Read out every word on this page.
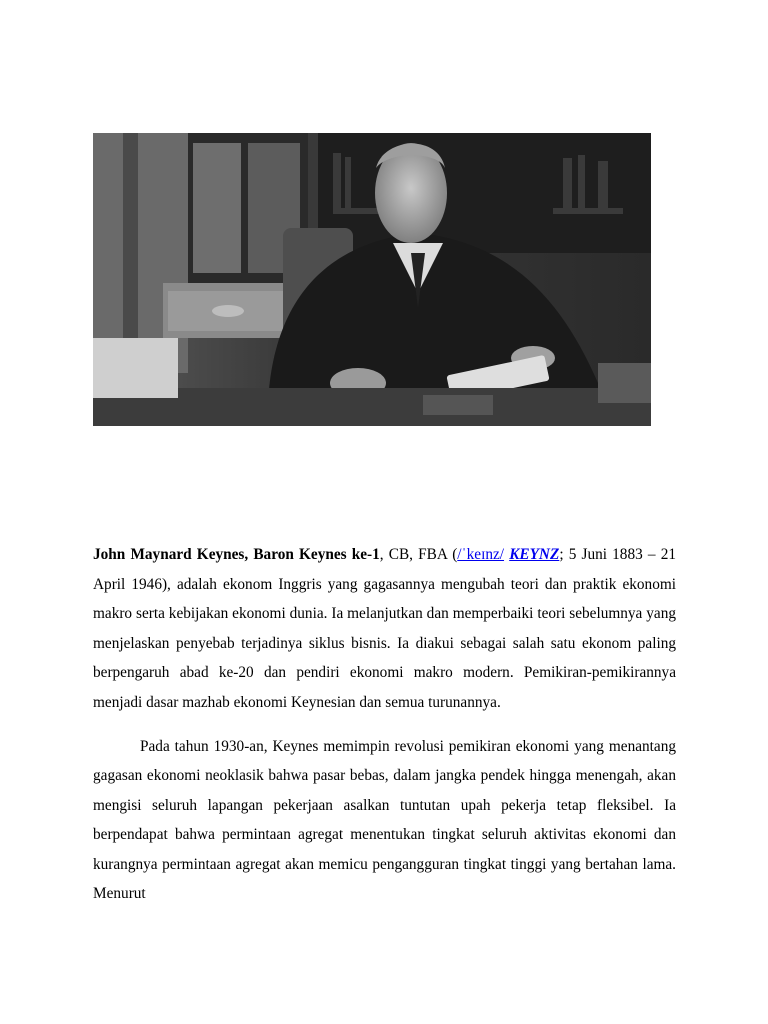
John Maynard Keynes, Baron Keynes ke-1, CB, FBA (/ˈkeɪnz/ KEYNZ; 5 Juni 1883 – 21 April 1946), adalah ekonom Inggris yang gagasannya mengubah teori dan praktik ekonomi makro serta kebijakan ekonomi dunia. Ia melanjutkan dan memperbaiki teori sebelumnya yang menjelaskan penyebab terjadinya siklus bisnis. Ia diakui sebagai salah satu ekonom paling berpengaruh abad ke-20 dan pendiri ekonomi makro modern. Pemikiran-pemikirannya menjadi dasar mazhab ekonomi Keynesian dan semua turunannya.

Pada tahun 1930-an, Keynes memimpin revolusi pemikiran ekonomi yang menantang gagasan ekonomi neoklasik bahwa pasar bebas, dalam jangka pendek hingga menengah, akan mengisi seluruh lapangan pekerjaan asalkan tuntutan upah pekerja tetap fleksibel. Ia berpendapat bahwa permintaan agregat menentukan tingkat seluruh aktivitas ekonomi dan kurangnya permintaan agregat akan memicu pengangguran tingkat tinggi yang bertahan lama. Menurut
